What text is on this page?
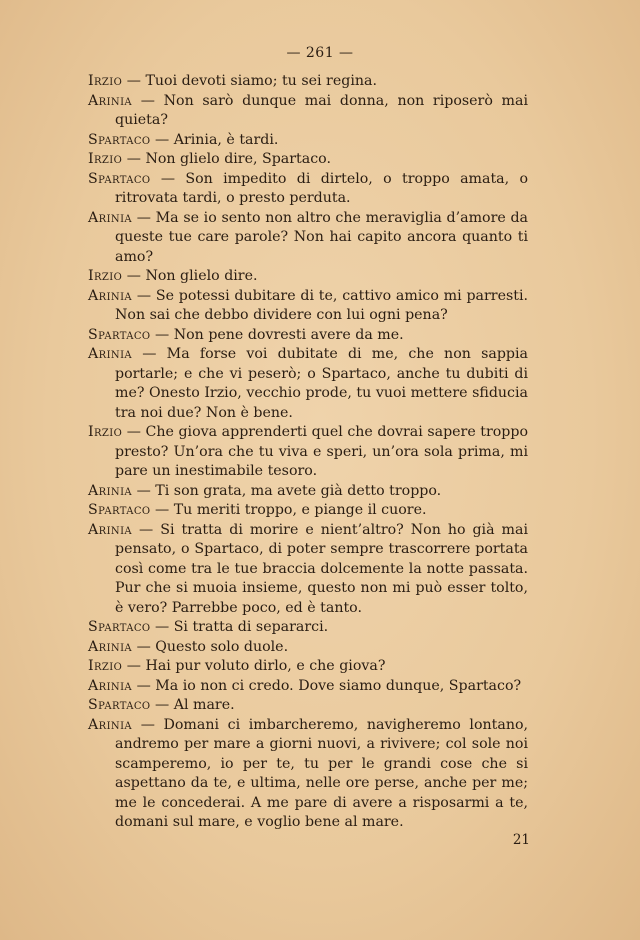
— 261 —

Irzio — Tuoi devoti siamo; tu sei regina.

Arinia — Non sarò dunque mai donna, non riposerò mai quieta?

Spartaco — Arinia, è tardi.

Irzio — Non glielo dire, Spartaco.

Spartaco — Son impedito di dirtelo, o troppo amata, o ritrovata tardi, o presto perduta.

Arinia — Ma se io sento non altro che meraviglia d’amore da queste tue care parole? Non hai capito ancora quanto ti amo?

Irzio — Non glielo dire.

Arinia — Se potessi dubitare di te, cattivo amico mi parresti. Non sai che debbo dividere con lui ogni pena?

Spartaco — Non pene dovresti avere da me.

Arinia — Ma forse voi dubitate di me, che non sappia portarle; e che vi peserò; o Spartaco, anche tu dubiti di me? Onesto Irzio, vecchio prode, tu vuoi mettere sfiducia tra noi due? Non è bene.

Irzio — Che giova apprenderti quel che dovrai sapere troppo presto? Un’ora che tu viva e speri, un’ora sola prima, mi pare un inestimabile tesoro.

Arinia — Ti son grata, ma avete già detto troppo.

Spartaco — Tu meriti troppo, e piange il cuore.

Arinia — Si tratta di morire e nient’altro? Non ho già mai pensato, o Spartaco, di poter sempre trascorrere portata così come tra le tue braccia dolcemente la notte passata. Pur che si muoia insieme, questo non mi può esser tolto, è vero? Parrebbe poco, ed è tanto.

Spartaco — Si tratta di separarci.

Arinia — Questo solo duole.

Irzio — Hai pur voluto dirlo, e che giova?

Arinia — Ma io non ci credo. Dove siamo dunque, Spartaco?

Spartaco — Al mare.

Arinia — Domani ci imbarcheremo, navigheremo lontano, andremo per mare a giorni nuovi, a rivivere; col sole noi scamperemo, io per te, tu per le grandi cose che si aspettano da te, e ultima, nelle ore perse, anche per me; me le concederai. A me pare di avere a risposarmi a te, domani sul mare, e voglio bene al mare.

21
